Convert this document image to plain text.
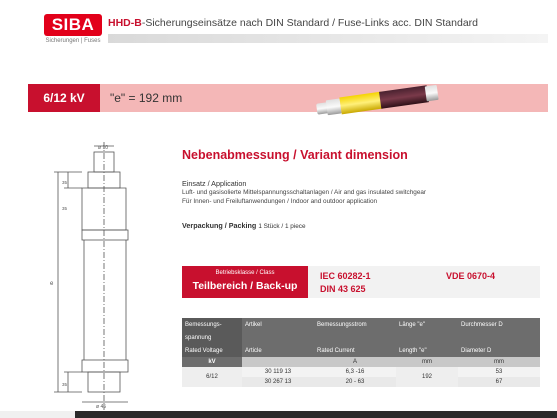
SIBA
Sicherungen | Fuses
HHD-B-Sicherungseinsätze nach DIN Standard / Fuse-Links acc. DIN Standard
6/12 kV	"e" = 192 mm
ø 10
ø 45
e
35
35
35
Nebenabmessung / Variant dimension
Einsatz / Application
Luft- und gasisolierte Mittelspannungsschaltanlagen / Air and gas insulated switchgear
Für Innen- und Freiluftanwendungen / Indoor and outdoor application
Verpackung / Packing 1 Stück / 1 piece
Betriebsklasse / Class
Teilbereich / Back-up
IEC 60282-1
DIN 43 625
VDE 0670-4
Bemessungs-	Artikel	Bemessungsstrom	Länge "e"	Durchmesser D
spannung				
Rated Voltage	Article	Rated Current	Length "e"	Diameter D
kV		A	mm	mm
6/12	30 119 13	6,3 -16	192	53
	30 267 13	20 - 63		67
